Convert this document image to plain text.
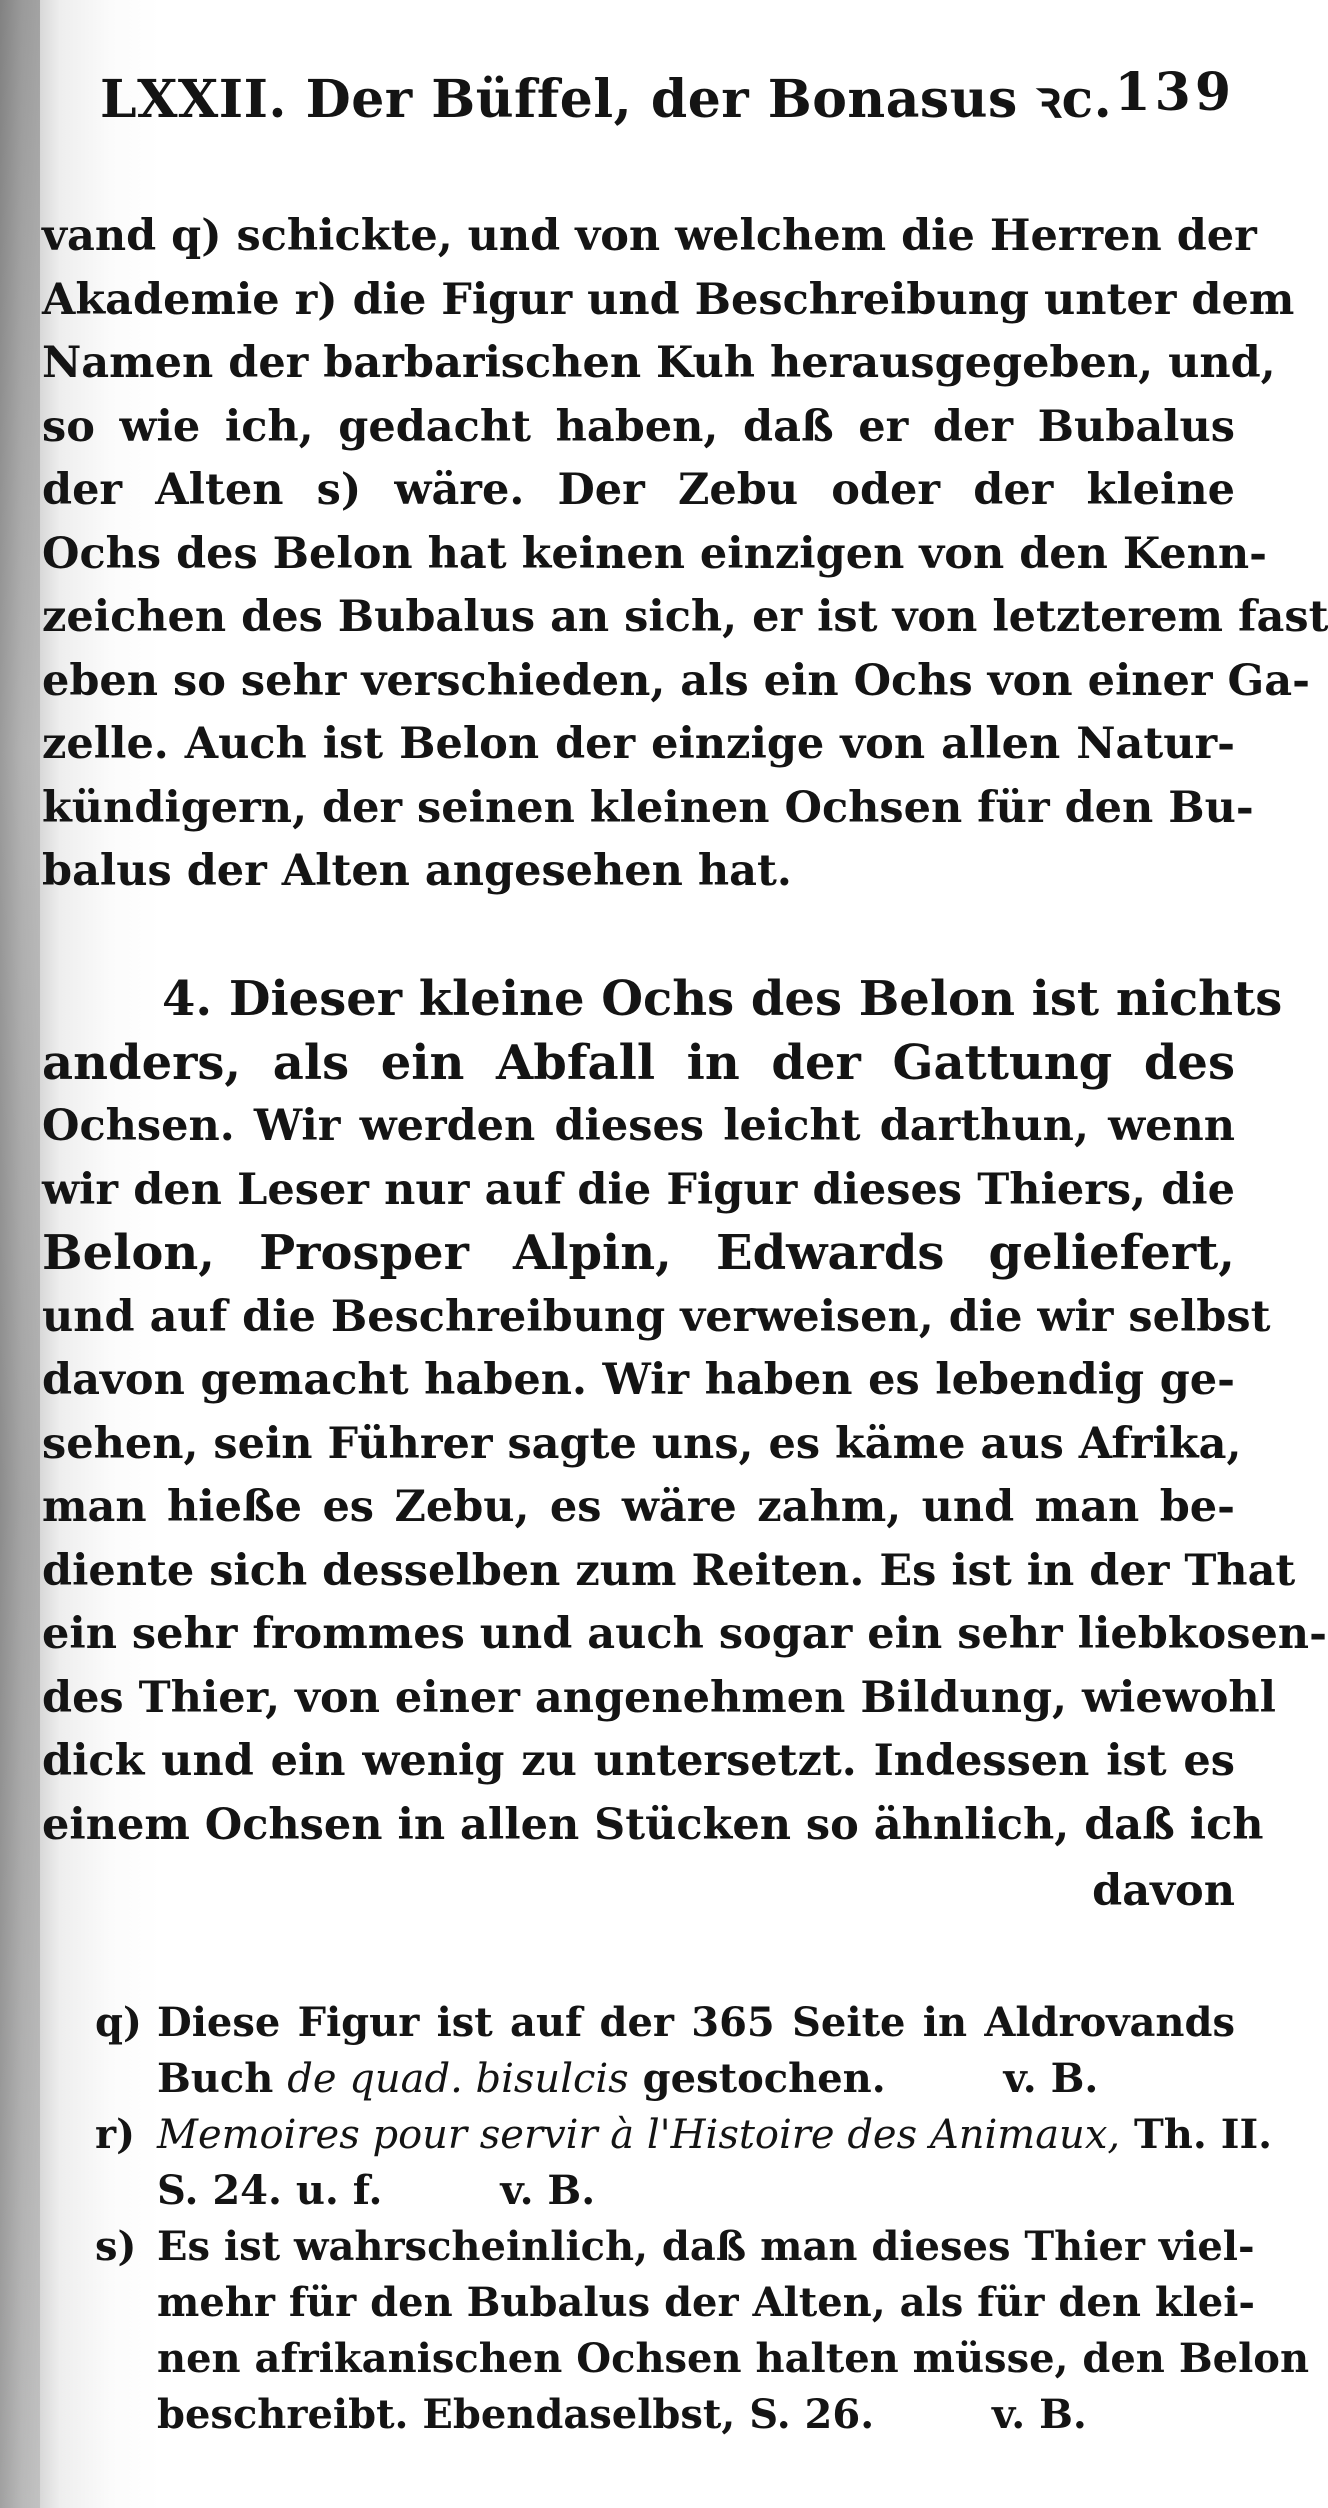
LXXII. Der Büffel, der Bonasus ꝛc. 139
vand q) schickte, und von welchem die Herren der
Akademie r) die Figur und Beschreibung unter dem
Namen der barbarischen Kuh herausgegeben, und,
so wie ich, gedacht haben, daß er der Bubalus
der Alten s) wäre. Der Zebu oder der kleine
Ochs des Belon hat keinen einzigen von den Kenn-
zeichen des Bubalus an sich, er ist von letzterem fast
eben so sehr verschieden, als ein Ochs von einer Ga-
zelle. Auch ist Belon der einzige von allen Natur-
kündigern, der seinen kleinen Ochsen für den Bu-
balus der Alten angesehen hat.
4. Dieser kleine Ochs des Belon ist nichts
anders, als ein Abfall in der Gattung des
Ochsen. Wir werden dieses leicht darthun, wenn
wir den Leser nur auf die Figur dieses Thiers, die
Belon, Prosper Alpin, Edwards geliefert,
und auf die Beschreibung verweisen, die wir selbst
davon gemacht haben. Wir haben es lebendig ge-
sehen, sein Führer sagte uns, es käme aus Afrika,
man hieße es Zebu, es wäre zahm, und man be-
diente sich desselben zum Reiten. Es ist in der That
ein sehr frommes und auch sogar ein sehr liebkosen-
des Thier, von einer angenehmen Bildung, wiewohl
dick und ein wenig zu untersetzt. Indessen ist es
einem Ochsen in allen Stücken so ähnlich, daß ich
davon
q) Diese Figur ist auf der 365 Seite in Aldrovands
Buch de quad. bisulcis gestochen.	v. B.
r) Memoires pour servir à l'Histoire des Animaux, Th. II.
S. 24. u. f.	v. B.
s) Es ist wahrscheinlich, daß man dieses Thier viel-
mehr für den Bubalus der Alten, als für den klei-
nen afrikanischen Ochsen halten müsse, den Belon
beschreibt. Ebendaselbst, S. 26.	v. B.
